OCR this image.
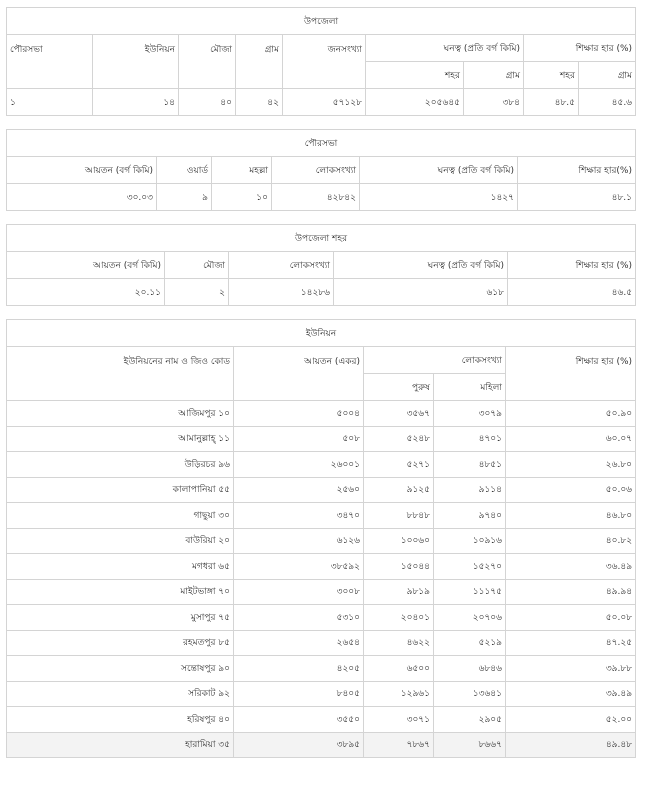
উপজেলা								
পৌরসভা	ইউনিয়ন	মৌজা	গ্রাম	জনসংখ্যা	ঘনত্ব (প্রতি বর্গ কিমি)		শিক্ষার হার (%)	
					শহর	গ্রাম	শহর	গ্রাম
১	১৪	৪০	৪২	৫৭১২৮	২০৫৬৪৫	৩৮৪	৪৮.৫	৪৫.৬
পৌরসভা					
আয়তন (বর্গ কিমি)	ওয়ার্ড	মহল্লা	লোকসংখ্যা	ঘনত্ব (প্রতি বর্গ কিমি)	শিক্ষার হার(%)
৩০.০৩	৯	১০	৪২৮৪২	১৪২৭	৪৮.১
উপজেলা শহর				
আয়তন (বর্গ কিমি)	মৌজা	লোকসংখ্যা	ঘনত্ব (প্রতি বর্গ কিমি)	শিক্ষার হার (%)
২০.১১	২	১৪২৮৬	৬১৮	৪৬.৫
ইউনিয়ন				
ইউনিয়নের নাম ও জিও কোড	আয়তন (একর)	লোকসংখ্যা		শিক্ষার হার (%)
		পুরুষ	মহিলা	
আজিমপুর ১০	৫০০৪	৩৫৬৭	৩০৭৯	৫০.৯০
আমানুল্লাহ্ ১১	৫০৮	৫২৪৮	৪৭০১	৬০.০৭
উড়িরচর ৯৬	২৬০০১	৫২৭১	৪৮৫১	২৬.৮০
কালাপানিয়া ৫৫	২৫৬০	৯১২৫	৯১১৪	৫০.০৬
গাছুয়া ৩০	৩৪৭০	৮৮৪৮	৯৭৪০	৪৬.৮০
বাউরিয়া ২০	৬১২৬	১০০৬০	১০৯১৬	৪০.৮২
মগধরা ৬৫	৩৮৫৯২	১৫০৪৪	১৫২৭০	৩৬.৪৯
মাইটভাঙ্গা ৭০	৩০০৮	৯৮১৯	১১১৭৫	৪৯.৯৪
মুসাপুর ৭৫	৫৩১০	২০৪০১	২০৭০৬	৫০.০৮
রহমতপুর ৮৫	২৬৫৪	৪৬২২	৫২১৯	৪৭.২৫
সন্তোষপুর ৯০	৪২০৫	৬৫০০	৬৮৪৬	৩৯.৮৮
সরিকাট ৯২	৮৪০৫	১২৯৬১	১৩৬৪১	৩৯.৪৯
হরিষপুর ৪০	৩৫৫০	৩০৭১	২৯০৫	৫২.০০
হারামিয়া ৩৫	৩৮৯৫	৭৮৬৭	৮৬৬৭	৪৯.৪৮
